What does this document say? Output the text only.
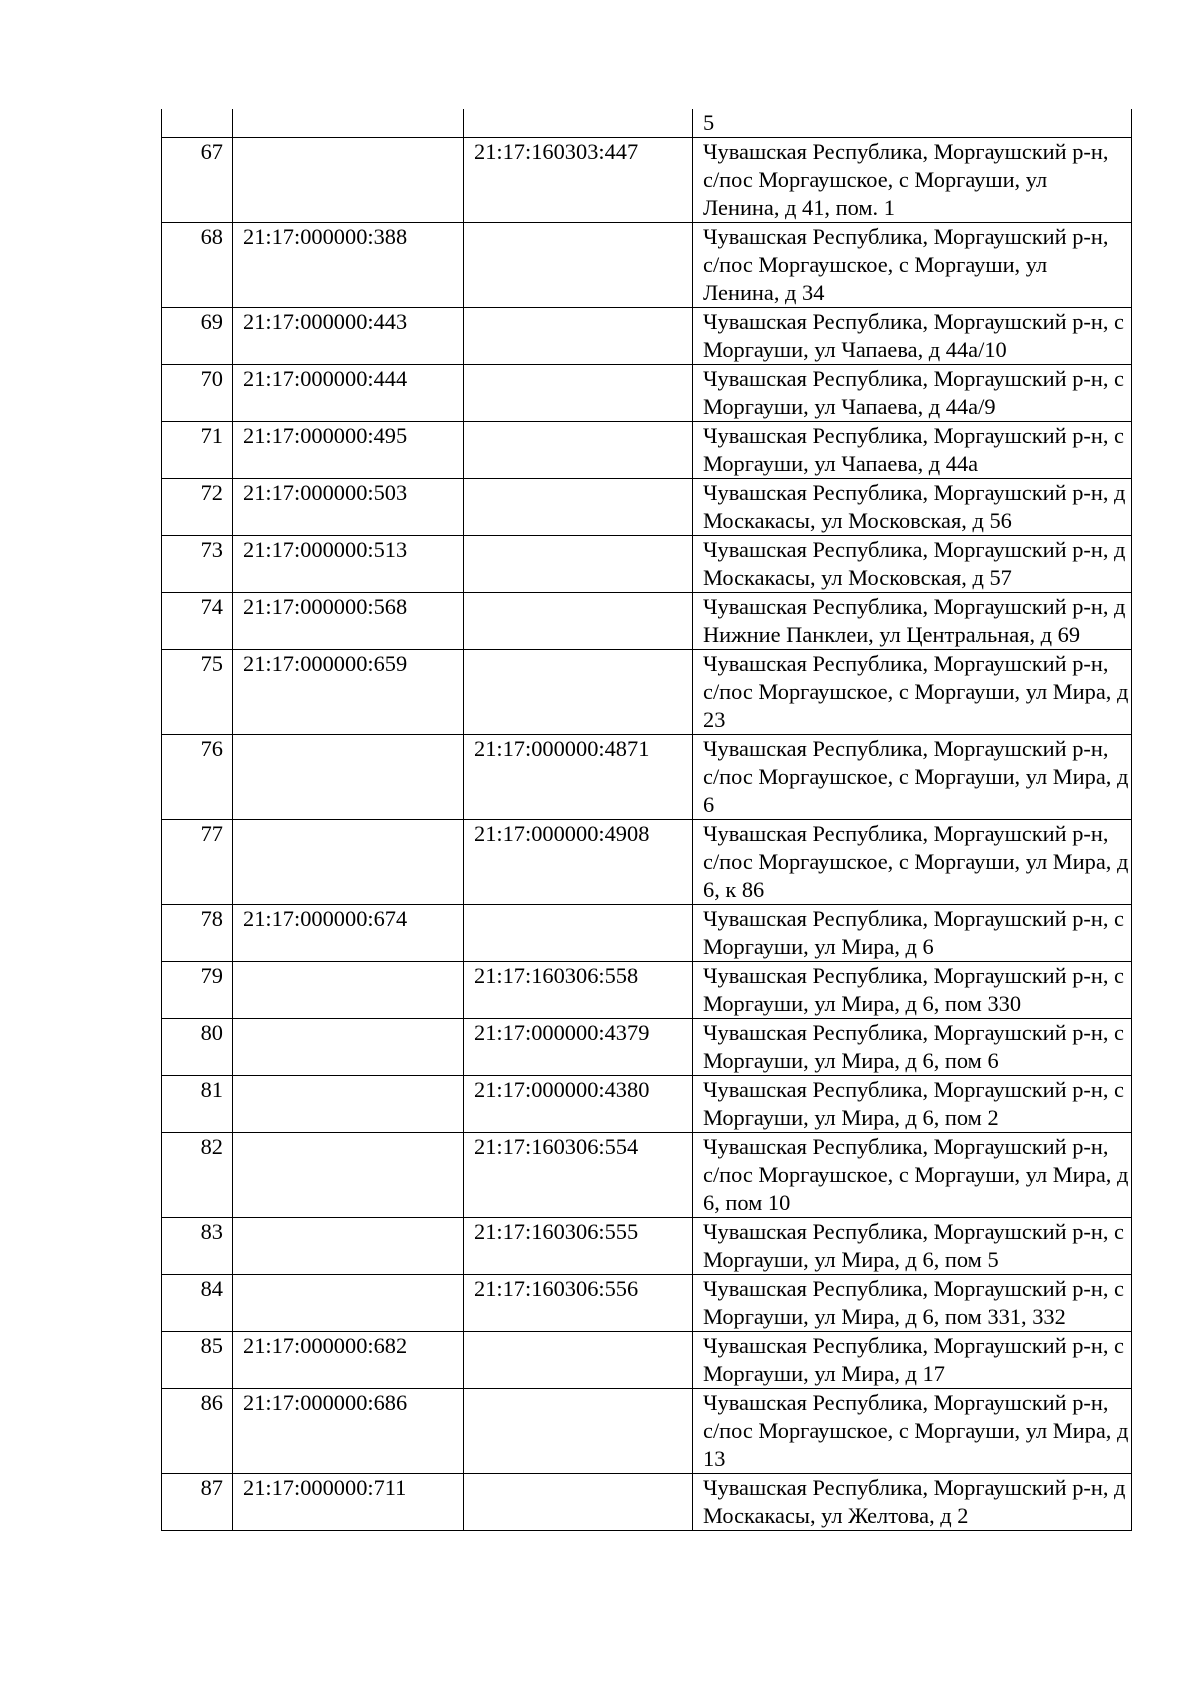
			5
67		21:17:160303:447	Чувашская Республика, Моргаушский р-н, с/пос Моргаушское, с Моргауши, ул Ленина, д 41, пом. 1
68	21:17:000000:388		Чувашская Республика, Моргаушский р-н, с/пос Моргаушское, с Моргауши, ул Ленина, д 34
69	21:17:000000:443		Чувашская Республика, Моргаушский р-н, с Моргауши, ул Чапаева, д 44а/10
70	21:17:000000:444		Чувашская Республика, Моргаушский р-н, с Моргауши, ул Чапаева, д 44а/9
71	21:17:000000:495		Чувашская Республика, Моргаушский р-н, с Моргауши, ул Чапаева, д 44а
72	21:17:000000:503		Чувашская Республика, Моргаушский р-н, д Москакасы, ул Московская, д 56
73	21:17:000000:513		Чувашская Республика, Моргаушский р-н, д Москакасы, ул Московская, д 57
74	21:17:000000:568		Чувашская Республика, Моргаушский р-н, д Нижние Панклеи, ул Центральная, д 69
75	21:17:000000:659		Чувашская Республика, Моргаушский р-н, с/пос Моргаушское, с Моргауши, ул Мира, д 23
76		21:17:000000:4871	Чувашская Республика, Моргаушский р-н, с/пос Моргаушское, с Моргауши, ул Мира, д 6
77		21:17:000000:4908	Чувашская Республика, Моргаушский р-н, с/пос Моргаушское, с Моргауши, ул Мира, д 6, к 86
78	21:17:000000:674		Чувашская Республика, Моргаушский р-н, с Моргауши, ул Мира, д 6
79		21:17:160306:558	Чувашская Республика, Моргаушский р-н, с Моргауши, ул Мира, д 6, пом 330
80		21:17:000000:4379	Чувашская Республика, Моргаушский р-н, с Моргауши, ул Мира, д 6, пом 6
81		21:17:000000:4380	Чувашская Республика, Моргаушский р-н, с Моргауши, ул Мира, д 6, пом 2
82		21:17:160306:554	Чувашская Республика, Моргаушский р-н, с/пос Моргаушское, с Моргауши, ул Мира, д 6, пом 10
83		21:17:160306:555	Чувашская Республика, Моргаушский р-н, с Моргауши, ул Мира, д 6, пом 5
84		21:17:160306:556	Чувашская Республика, Моргаушский р-н, с Моргауши, ул Мира, д 6, пом 331, 332
85	21:17:000000:682		Чувашская Республика, Моргаушский р-н, с Моргауши, ул Мира, д 17
86	21:17:000000:686		Чувашская Республика, Моргаушский р-н, с/пос Моргаушское, с Моргауши, ул Мира, д 13
87	21:17:000000:711		Чувашская Республика, Моргаушский р-н, д Москакасы, ул Желтова, д 2
